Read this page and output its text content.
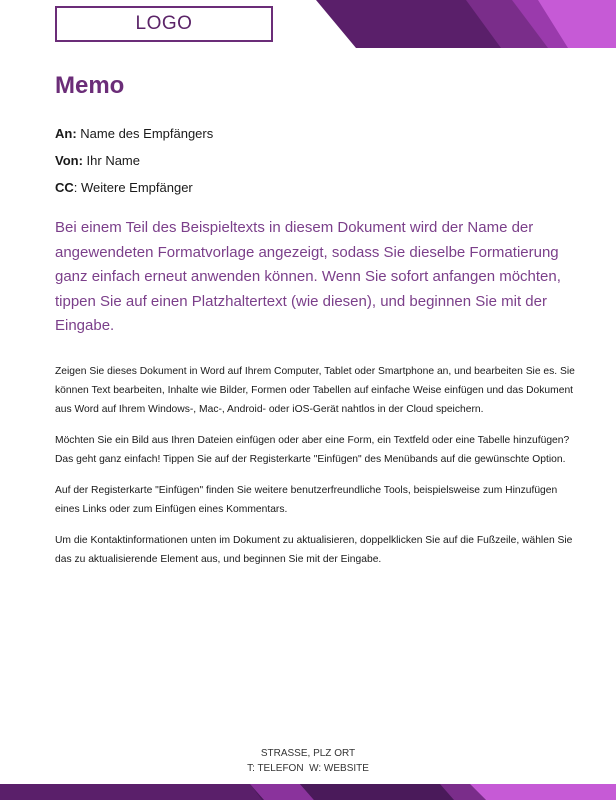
LOGO
Memo
An: Name des Empfängers
Von: Ihr Name
CC: Weitere Empfänger

Bei einem Teil des Beispieltexts in diesem Dokument wird der Name der angewendeten Formatvorlage angezeigt, sodass Sie dieselbe Formatierung ganz einfach erneut anwenden können. Wenn Sie sofort anfangen möchten, tippen Sie auf einen Platzhaltertext (wie diesen), und beginnen Sie mit der Eingabe.

Zeigen Sie dieses Dokument in Word auf Ihrem Computer, Tablet oder Smartphone an, und bearbeiten Sie es. Sie können Text bearbeiten, Inhalte wie Bilder, Formen oder Tabellen auf einfache Weise einfügen und das Dokument aus Word auf Ihrem Windows-, Mac-, Android- oder iOS-Gerät nahtlos in der Cloud speichern.

Möchten Sie ein Bild aus Ihren Dateien einfügen oder aber eine Form, ein Textfeld oder eine Tabelle hinzufügen? Das geht ganz einfach! Tippen Sie auf der Registerkarte "Einfügen" des Menübands auf die gewünschte Option.

Auf der Registerkarte "Einfügen" finden Sie weitere benutzerfreundliche Tools, beispielsweise zum Hinzufügen eines Links oder zum Einfügen eines Kommentars.

Um die Kontaktinformationen unten im Dokument zu aktualisieren, doppelklicken Sie auf die Fußzeile, wählen Sie das zu aktualisierende Element aus, und beginnen Sie mit der Eingabe.

STRASSE, PLZ ORT
T: TELEFON  W: WEBSITE
